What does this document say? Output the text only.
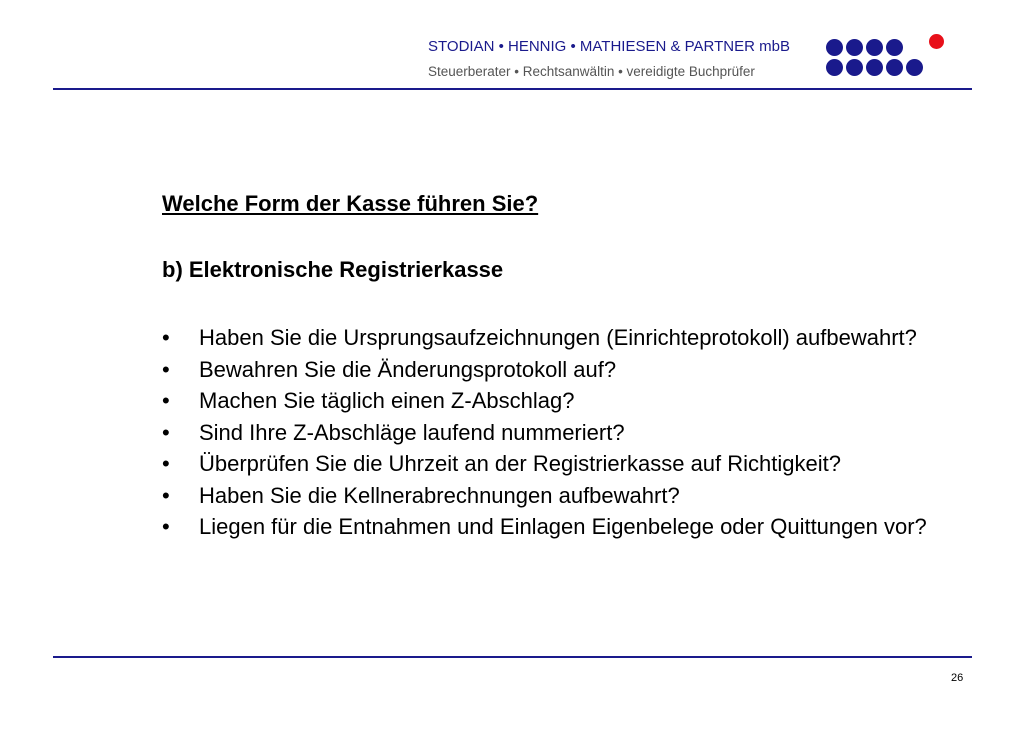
STODIAN • HENNIG • MATHIESEN & PARTNER mbB
Steuerberater • Rechtsanwältin • vereidigte Buchprüfer
Welche Form der Kasse führen Sie?
b) Elektronische Registrierkasse
• Haben Sie die Ursprungsaufzeichnungen (Einrichteprotokoll) aufbewahrt?
• Bewahren Sie die Änderungsprotokoll auf?
• Machen Sie täglich einen Z-Abschlag?
• Sind Ihre Z-Abschläge laufend nummeriert?
• Überprüfen Sie die Uhrzeit an der Registrierkasse auf Richtigkeit?
• Haben Sie die Kellnerabrechnungen aufbewahrt?
• Liegen für die Entnahmen und Einlagen Eigenbelege oder Quittungen vor?
26
